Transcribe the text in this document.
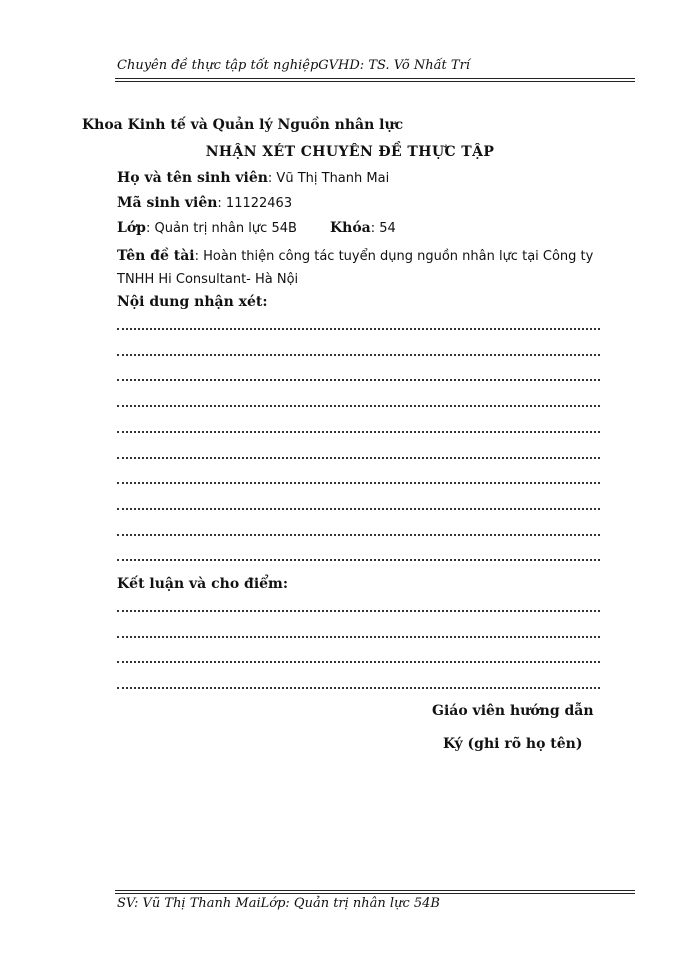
Chuyên đề thực tập tốt nghiệpGVHD: TS. Võ Nhất Trí
Khoa Kinh tế và Quản lý Nguồn nhân lực
NHẬN XÉT CHUYÊN ĐỀ THỰC TẬP
Họ và tên sinh viên: Vũ Thị Thanh Mai
Mã sinh viên: 11122463
Lớp: Quản trị nhân lực 54B Khóa: 54
Tên đề tài: Hoàn thiện công tác tuyển dụng nguồn nhân lực tại Công ty TNHH Hi Consultant- Hà Nội
Nội dung nhận xét:
Kết luận và cho điểm:
Giáo viên hướng dẫn
Ký (ghi rõ họ tên)
SV: Vũ Thị Thanh MaiLớp: Quản trị nhân lực 54B
